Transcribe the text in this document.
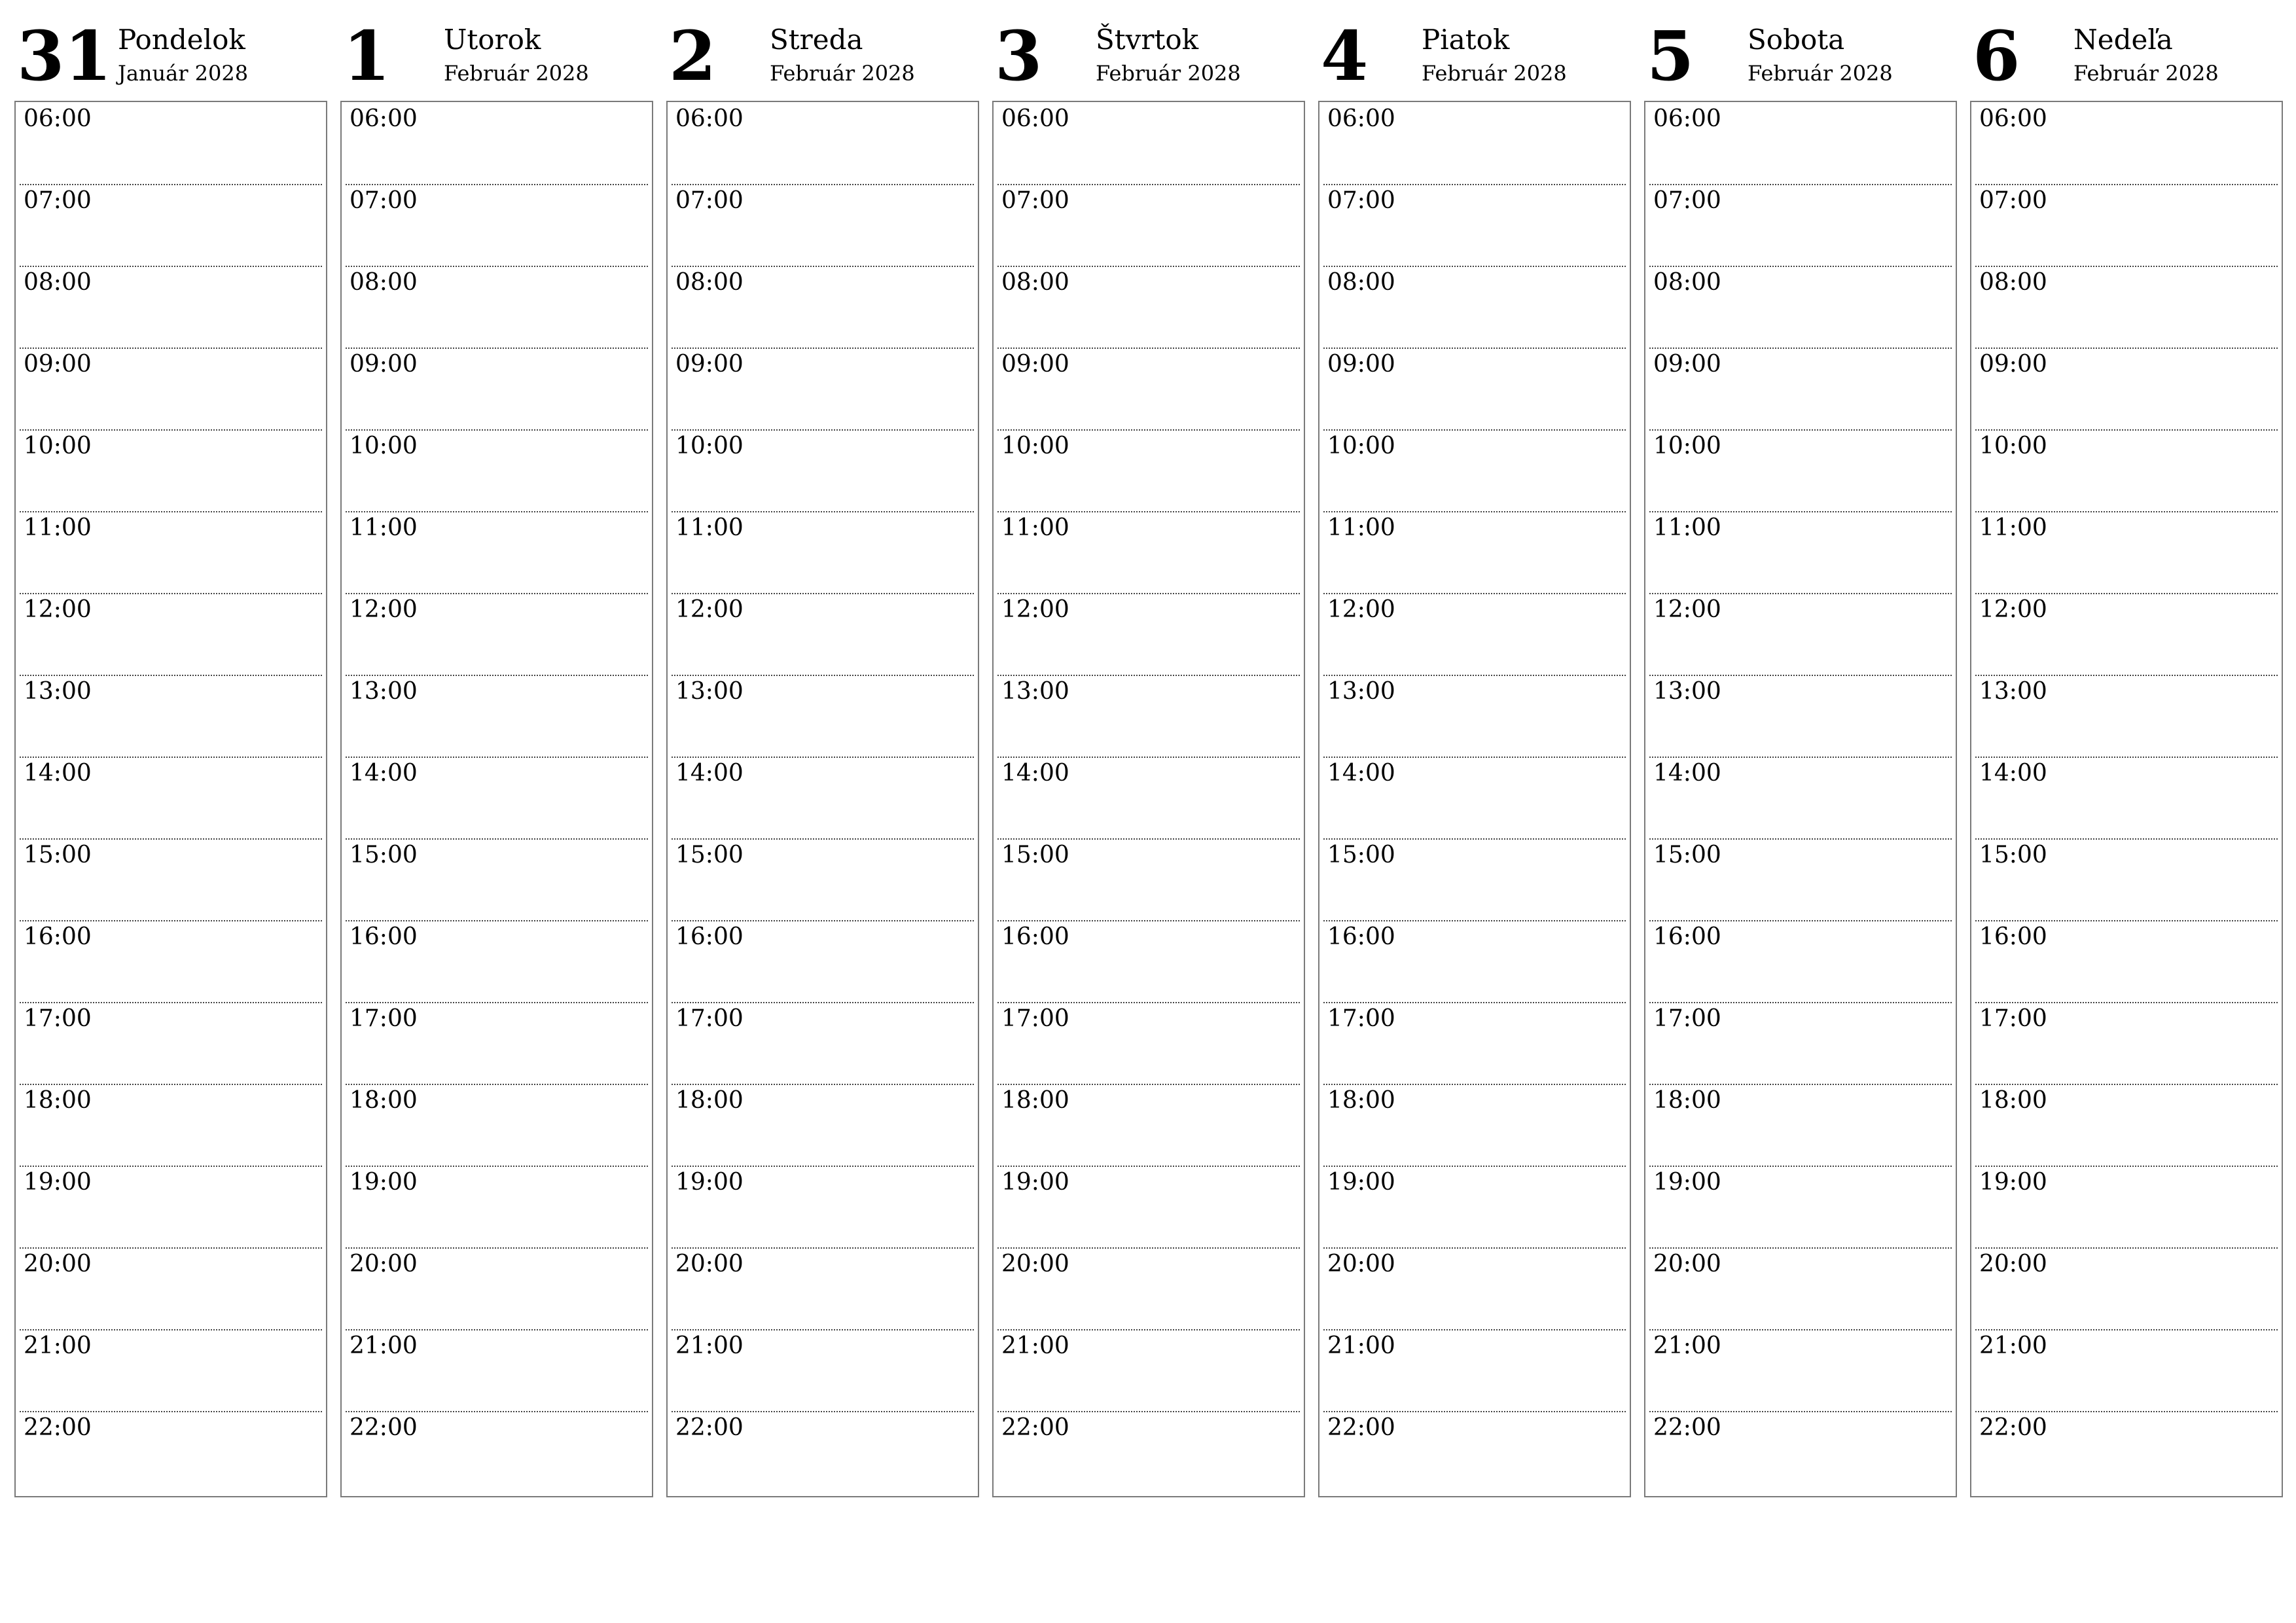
31 Pondelok
Január 2028
06:00
07:00
08:00
09:00
10:00
11:00
12:00
13:00
14:00
15:00
16:00
17:00
18:00
19:00
20:00
21:00
22:00
1 Utorok
Február 2028
06:00
07:00
08:00
09:00
10:00
11:00
12:00
13:00
14:00
15:00
16:00
17:00
18:00
19:00
20:00
21:00
22:00
2 Streda
Február 2028
06:00
07:00
08:00
09:00
10:00
11:00
12:00
13:00
14:00
15:00
16:00
17:00
18:00
19:00
20:00
21:00
22:00
3 Štvrtok
Február 2028
06:00
07:00
08:00
09:00
10:00
11:00
12:00
13:00
14:00
15:00
16:00
17:00
18:00
19:00
20:00
21:00
22:00
4 Piatok
Február 2028
06:00
07:00
08:00
09:00
10:00
11:00
12:00
13:00
14:00
15:00
16:00
17:00
18:00
19:00
20:00
21:00
22:00
5 Sobota
Február 2028
06:00
07:00
08:00
09:00
10:00
11:00
12:00
13:00
14:00
15:00
16:00
17:00
18:00
19:00
20:00
21:00
22:00
6 Nedeľa
Február 2028
06:00
07:00
08:00
09:00
10:00
11:00
12:00
13:00
14:00
15:00
16:00
17:00
18:00
19:00
20:00
21:00
22:00
